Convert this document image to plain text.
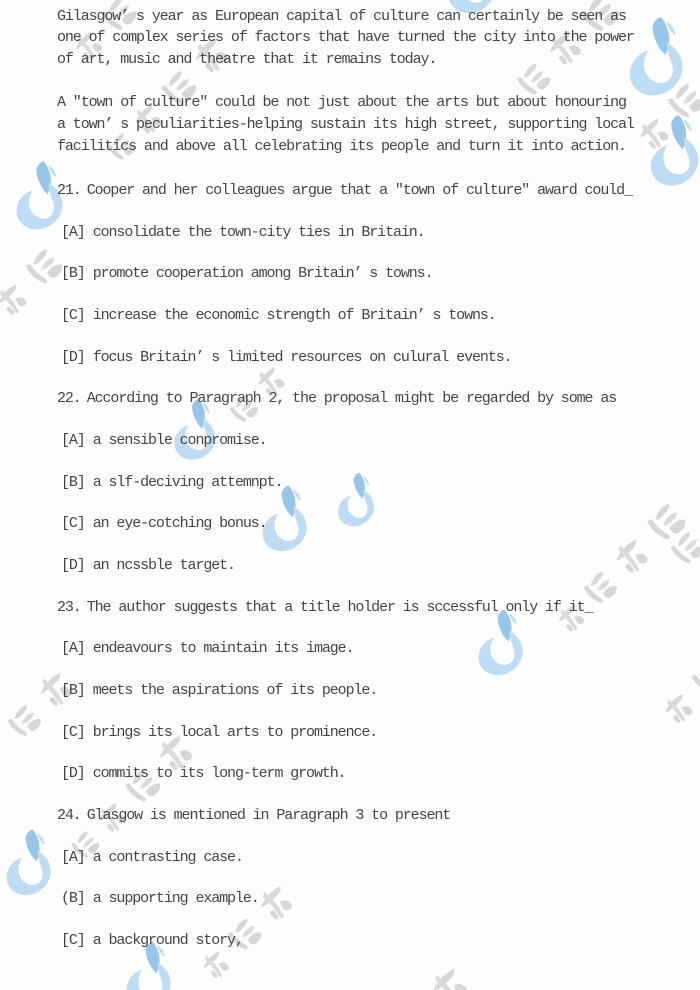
Gilasgow’ s year as European capital of culture can certainly be seen as

one of complex series of factors that have turned the city into the power

of art, music and theatre that it remains today.

A ″town of culture″ could be not just about the arts but about honouring

a town’ s peculiarities-helping sustain its high street, supporting local

facilitics and above all celebrating its people and turn it into action.

21. Cooper and her colleagues argue that a ″town of culture″ award could_

[A] consolidate the town-city ties in Britain.

[B] promote cooperation among Britain’ s towns.

[C] increase the economic strength of Britain’ s towns.

[D] focus Britain’ s limited resources on culural events.

22. According to Paragraph 2, the proposal might be regarded by some as

[A] a sensible conpromise.

[B] a slf-deciving attemnpt.

[C] an eye-cotching bonus.

[D] an ncssble target.

23. The author suggests that a title holder is sccessful only if it_

[A] endeavours to maintain its image.

[B] meets the aspirations of its people.

[C] brings its local arts to prominence.

[D] commits to its long-term growth.

24. Glasgow is mentioned in Paragraph 3 to present

[A] a contrasting case.

(B] a supporting example.

[C] a background story,
